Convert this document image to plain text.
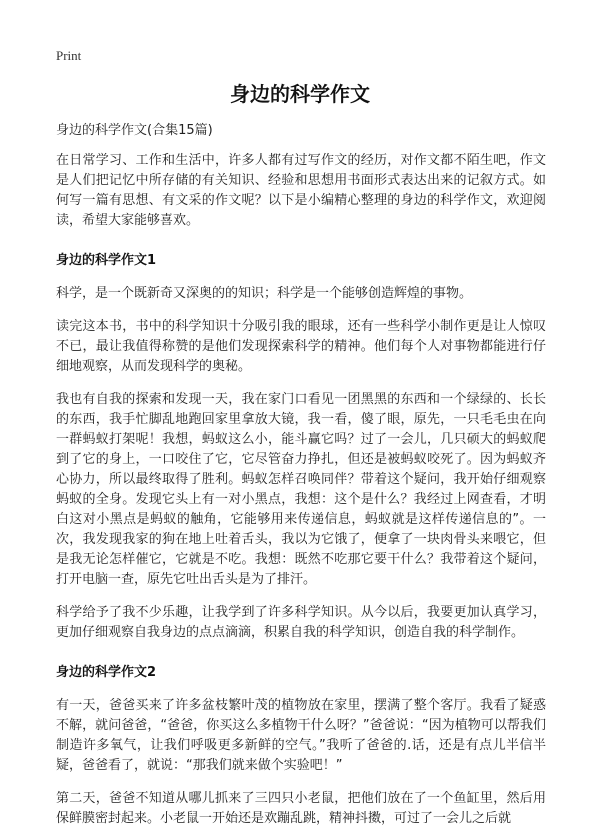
Print
身边的科学作文

身边的科学作文(合集15篇)

在日常学习、工作和生活中，许多人都有过写作文的经历，对作文都不陌生吧，作文是人们把记忆中所存储的有关知识、经验和思想用书面形式表达出来的记叙方式。如何写一篇有思想、有文采的作文呢？以下是小编精心整理的身边的科学作文，欢迎阅读，希望大家能够喜欢。

身边的科学作文1

科学，是一个既新奇又深奥的的知识；科学是一个能够创造辉煌的事物。

读完这本书，书中的科学知识十分吸引我的眼球，还有一些科学小制作更是让人惊叹不已，最让我值得称赞的是他们发现探索科学的精神。他们每个人对事物都能进行仔细地观察，从而发现科学的奥秘。

我也有自我的探索和发现一天，我在家门口看见一团黑黑的东西和一个绿绿的、长长的东西，我手忙脚乱地跑回家里拿放大镜，我一看，傻了眼，原先，一只毛毛虫在向一群蚂蚁打架呢！我想，蚂蚁这么小，能斗赢它吗？过了一会儿，几只硕大的蚂蚁爬到了它的身上，一口咬住了它，它尽管奋力挣扎，但还是被蚂蚁咬死了。因为蚂蚁齐心协力，所以最终取得了胜利。蚂蚁怎样召唤同伴？带着这个疑问，我开始仔细观察蚂蚁的全身。发现它头上有一对小黑点，我想：这个是什么？我经过上网查看，才明白这对小黑点是蚂蚁的触角，它能够用来传递信息，蚂蚁就是这样传递信息的”。一次，我发现我家的狗在地上吐着舌头，我以为它饿了，便拿了一块肉骨头来喂它，但是我无论怎样催它，它就是不吃。我想：既然不吃那它要干什么？我带着这个疑问，打开电脑一查，原先它吐出舌头是为了排汗。

科学给予了我不少乐趣，让我学到了许多科学知识。从今以后，我要更加认真学习，更加仔细观察自我身边的点点滴滴，积累自我的科学知识，创造自我的科学制作。

身边的科学作文2

有一天，爸爸买来了许多盆枝繁叶茂的植物放在家里，摆满了整个客厅。我看了疑惑不解，就问爸爸，“爸爸，你买这么多植物干什么呀？”爸爸说：“因为植物可以帮我们制造许多氧气，让我们呼吸更多新鲜的空气。”我听了爸爸的.话，还是有点儿半信半疑，爸爸看了，就说：“那我们就来做个实验吧！”

第二天，爸爸不知道从哪儿抓来了三四只小老鼠，把他们放在了一个鱼缸里，然后用保鲜膜密封起来。小老鼠一开始还是欢蹦乱跳，精神抖擞，可过了一会儿之后就
